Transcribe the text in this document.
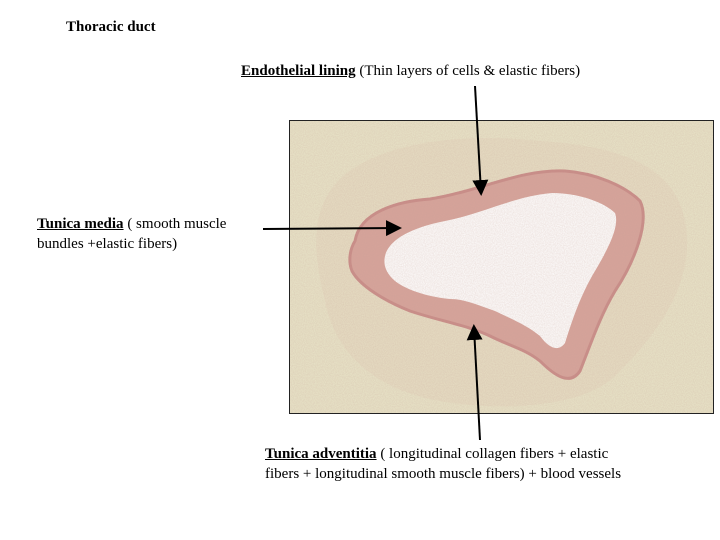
Thoracic duct
Endothelial lining (Thin layers of cells & elastic fibers)
Tunica media ( smooth muscle
bundles +elastic fibers)
Tunica adventitia ( longitudinal collagen fibers + elastic
fibers + longitudinal smooth muscle fibers) + blood vessels
